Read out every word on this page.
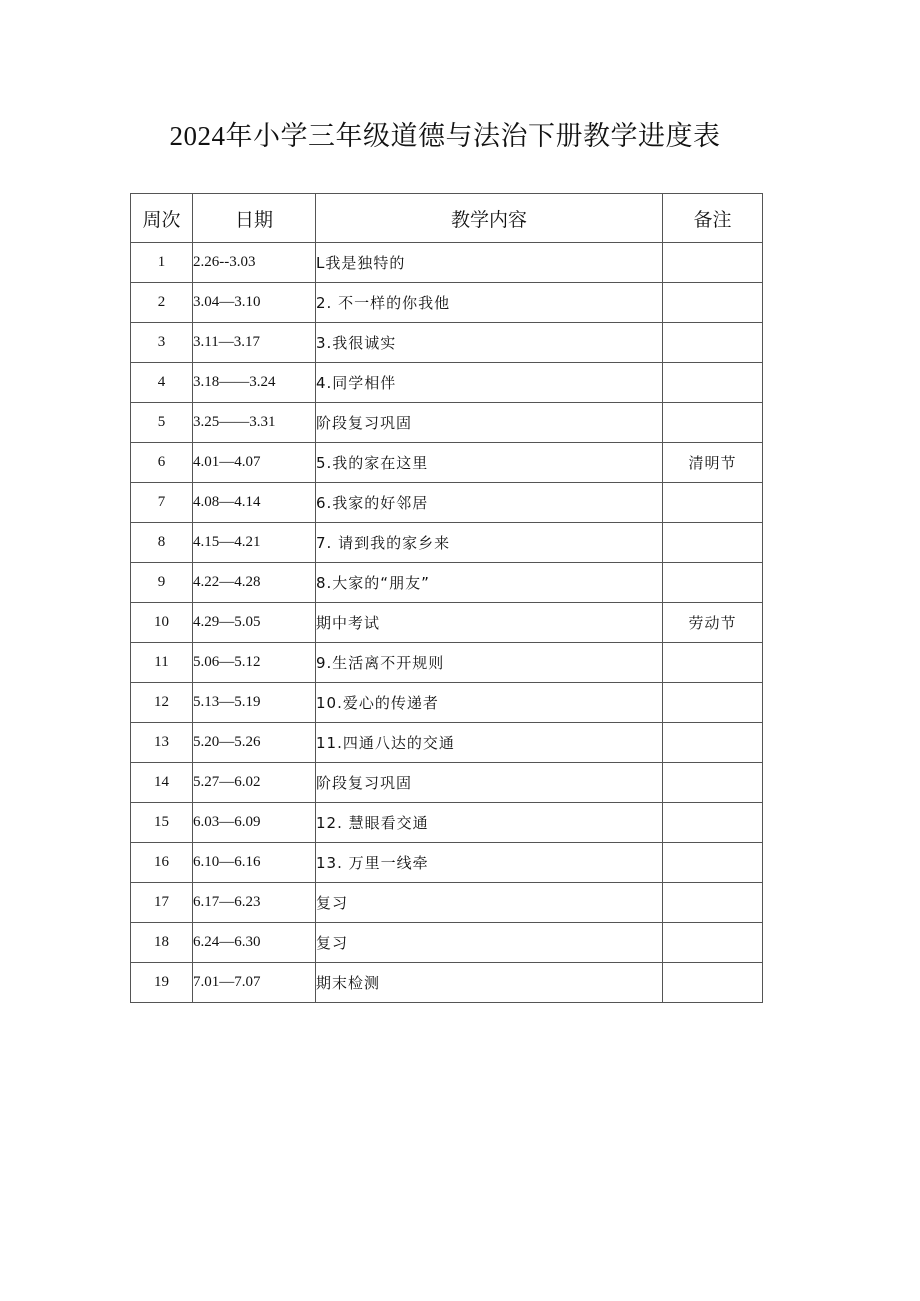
2024年小学三年级道德与法治下册教学进度表
周次	日期	教学内容	备注
1	2.26--3.03	L我是独特的	
2	3.04—3.10	2. 不一样的你我他	
3	3.11—3.17	3.我很诚实	
4	3.18——3.24	4.同学相伴	
5	3.25——3.31	阶段复习巩固	
6	4.01—4.07	5.我的家在这里	清明节
7	4.08—4.14	6.我家的好邻居	
8	4.15—4.21	7. 请到我的家乡来	
9	4.22—4.28	8.大家的“朋友”	
10	4.29—5.05	期中考试	劳动节
11	5.06—5.12	9.生活离不开规则	
12	5.13—5.19	10.爱心的传递者	
13	5.20—5.26	11.四通八达的交通	
14	5.27—6.02	阶段复习巩固	
15	6.03—6.09	12. 慧眼看交通	
16	6.10—6.16	13. 万里一线牵	
17	6.17—6.23	复习	
18	6.24—6.30	复习	
19	7.01—7.07	期末检测	
